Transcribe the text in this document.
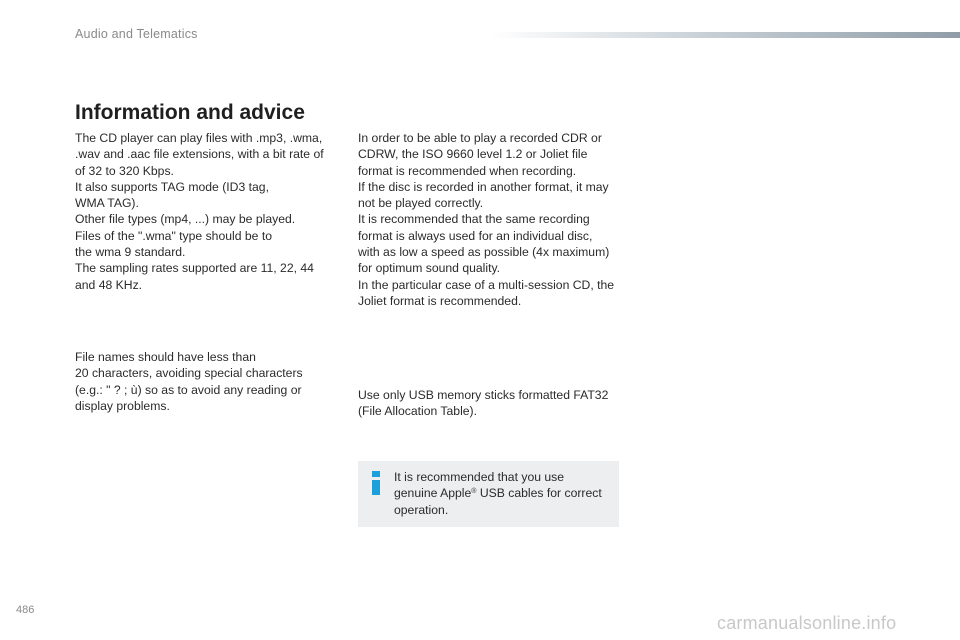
Audio and Telematics
Information and advice
The CD player can play files with .mp3, .wma,
.wav and .aac file extensions, with a bit rate of
of 32 to 320 Kbps.
It also supports TAG mode (ID3 tag,
WMA TAG).
Other file types (mp4, ...) may be played.
Files of the ".wma" type should be to
the wma 9 standard.
The sampling rates supported are 11, 22, 44
and 48 KHz.
In order to be able to play a recorded CDR or
CDRW, the ISO 9660 level 1.2 or Joliet file
format is recommended when recording.
If the disc is recorded in another format, it may
not be played correctly.
It is recommended that the same recording
format is always used for an individual disc,
with as low a speed as possible (4x maximum)
for optimum sound quality.
In the particular case of a multi-session CD, the
Joliet format is recommended.
File names should have less than
20 characters, avoiding special characters
(e.g.: " ? ; ù) so as to avoid any reading or
display problems.
Use only USB memory sticks formatted FAT32
(File Allocation Table).
It is recommended that you use
genuine Apple® USB cables for correct
operation.
486
carmanualsonline.info
